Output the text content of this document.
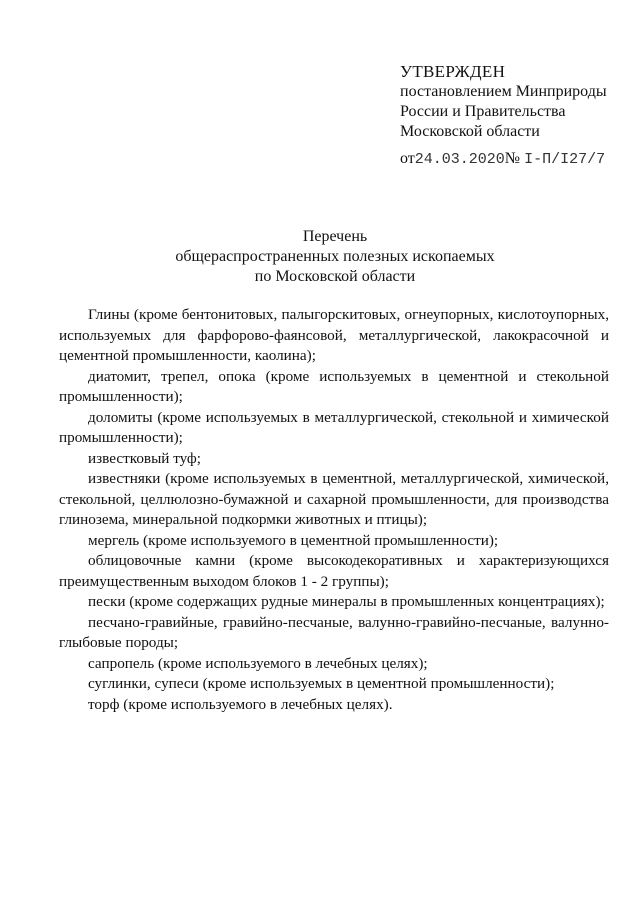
УТВЕРЖДЕН
постановлением Минприроды
России и Правительства
Московской области
от24.03.2020№ I-П/I27/7
Перечень
общераспространенных полезных ископаемых
по Московской области

Глины (кроме бентонитовых, палыгорскитовых, огнеупорных, кислотоупорных, используемых для фарфорово-фаянсовой, металлургической, лакокрасочной и цементной промышленности, каолина);

диатомит, трепел, опока (кроме используемых в цементной и стекольной промышленности);

доломиты (кроме используемых в металлургической, стекольной и химической промышленности);

известковый туф;

известняки (кроме используемых в цементной, металлургической, химической, стекольной, целлюлозно-бумажной и сахарной промышленности, для производства глинозема, минеральной подкормки животных и птицы);

мергель (кроме используемого в цементной промышленности);

облицовочные камни (кроме высокодекоративных и характеризующихся преимущественным выходом блоков 1 - 2 группы);

пески (кроме содержащих рудные минералы в промышленных концентрациях);

песчано-гравийные, гравийно-песчаные, валунно-гравийно-песчаные, валунно-глыбовые породы;

сапропель (кроме используемого в лечебных целях);

суглинки, супеси (кроме используемых в цементной промышленности);

торф (кроме используемого в лечебных целях).
